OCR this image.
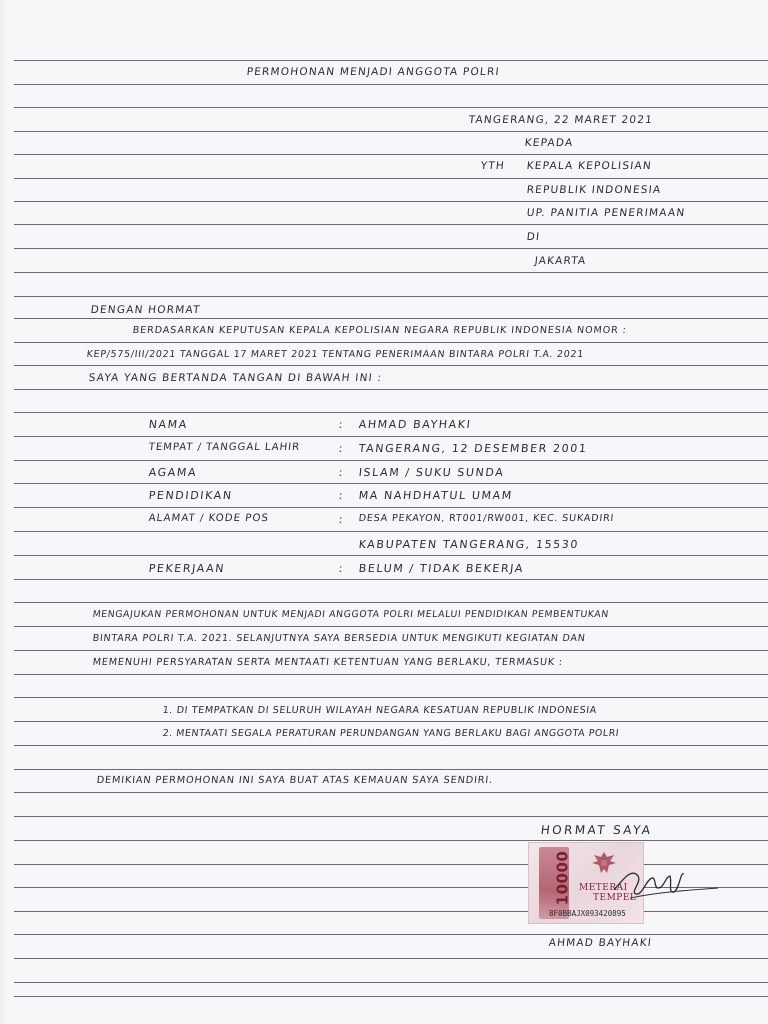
PERMOHONAN MENJADI ANGGOTA POLRI
TANGERANG, 22 MARET 2021
KEPADA
YTH KEPALA KEPOLISIAN
REPUBLIK INDONESIA
UP. PANITIA PENERIMAAN
DI
JAKARTA
DENGAN HORMAT
BERDASARKAN KEPUTUSAN KEPALA KEPOLISIAN NEGARA REPUBLIK INDONESIA NOMOR :
KEP/575/III/2021 TANGGAL 17 MARET 2021 TENTANG PENERIMAAN BINTARA POLRI T.A. 2021
SAYA YANG BERTANDA TANGAN DI BAWAH INI :
NAMA	: AHMAD BAYHAKI
TEMPAT / TANGGAL LAHIR	: TANGERANG, 12 DESEMBER 2001
AGAMA	: ISLAM / SUKU SUNDA
PENDIDIKAN	: MA NAHDHATUL UMAM
ALAMAT / KODE POS	: DESA PEKAYON, RT001/RW001, KEC. SUKADIRI
KABUPATEN TANGERANG, 15530
PEKERJAAN	: BELUM / TIDAK BEKERJA
MENGAJUKAN PERMOHONAN UNTUK MENJADI ANGGOTA POLRI MELALUI PENDIDIKAN PEMBENTUKAN
BINTARA POLRI T.A. 2021. SELANJUTNYA SAYA BERSEDIA UNTUK MENGIKUTI KEGIATAN DAN
MEMENUHI PERSYARATAN SERTA MENTAATI KETENTUAN YANG BERLAKU, TERMASUK :
1. DI TEMPATKAN DI SELURUH WILAYAH NEGARA KESATUAN REPUBLIK INDONESIA
2. MENTAATI SEGALA PERATURAN PERUNDANGAN YANG BERLAKU BAGI ANGGOTA POLRI
DEMIKIAN PERMOHONAN INI SAYA BUAT ATAS KEMAUAN SAYA SENDIRI.
HORMAT SAYA
10000 METERAI
TEMPEL
8F0BBAJX093420895
AHMAD BAYHAKI
